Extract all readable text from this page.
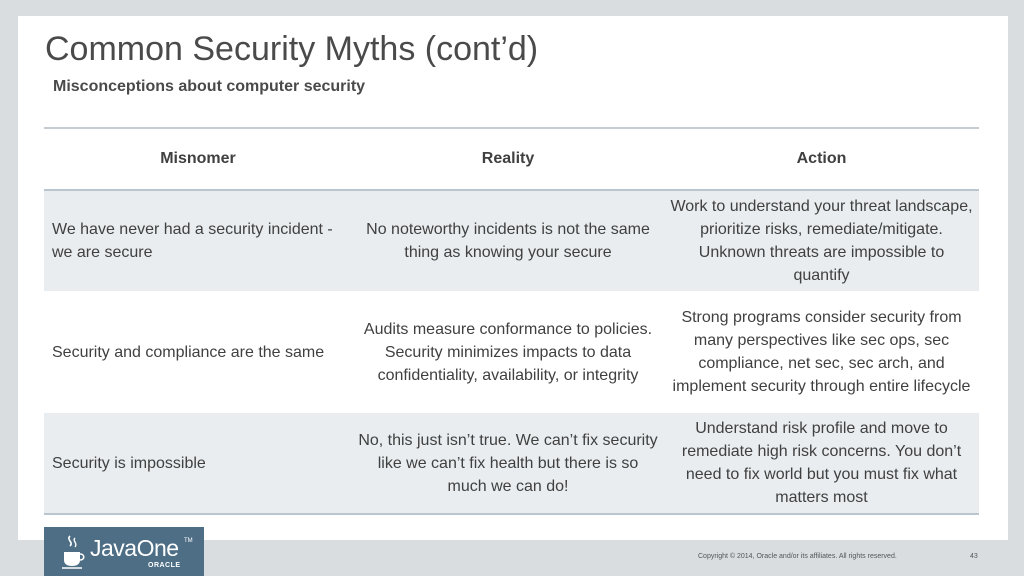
Common Security Myths (cont’d)
Misconceptions about computer security
Misnomer	Reality	Action
We have never had a security incident - we are secure	No noteworthy incidents is not the same thing as knowing your secure	Work to understand your threat landscape, prioritize risks, remediate/mitigate. Unknown threats are impossible to quantify
Security and compliance are the same	Audits measure conformance to policies. Security minimizes impacts to data confidentiality, availability, or integrity	Strong programs consider security from many perspectives like sec ops, sec compliance, net sec, sec arch, and implement security through entire lifecycle
Security is impossible	No, this just isn’t true. We can’t fix security like we can’t fix health but there is so much we can do!	Understand risk profile and move to remediate high risk concerns. You don’t need to fix world but you must fix what matters most
JavaOne TM
ORACLE
Copyright © 2014, Oracle and/or its affiliates. All rights reserved.	43
